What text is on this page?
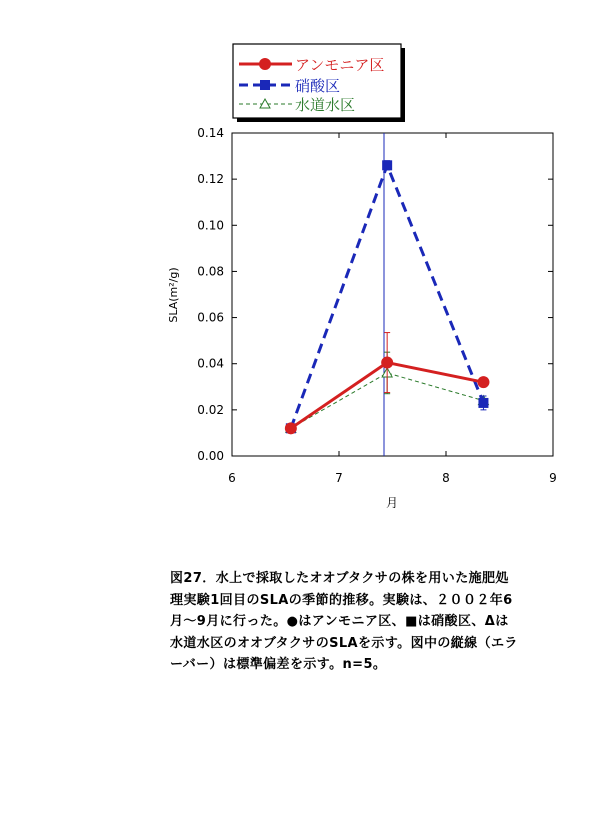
アンモニア区
硝酸区
水道水区
0.00
0.02
0.04
0.06
0.08
0.10
0.12
0.14
6	7	8	9
SLA(m²/g)
月
図27．水上で採取したオオブタクサの株を用いた施肥処
理実験1回目のSLAの季節的推移。実験は、２００２年6
月～9月に行った。●はアンモニア区、■は硝酸区、Δは
水道水区のオオブタクサのSLAを示す。図中の縦線（エラ
ーバー）は標準偏差を示す。n=5。
